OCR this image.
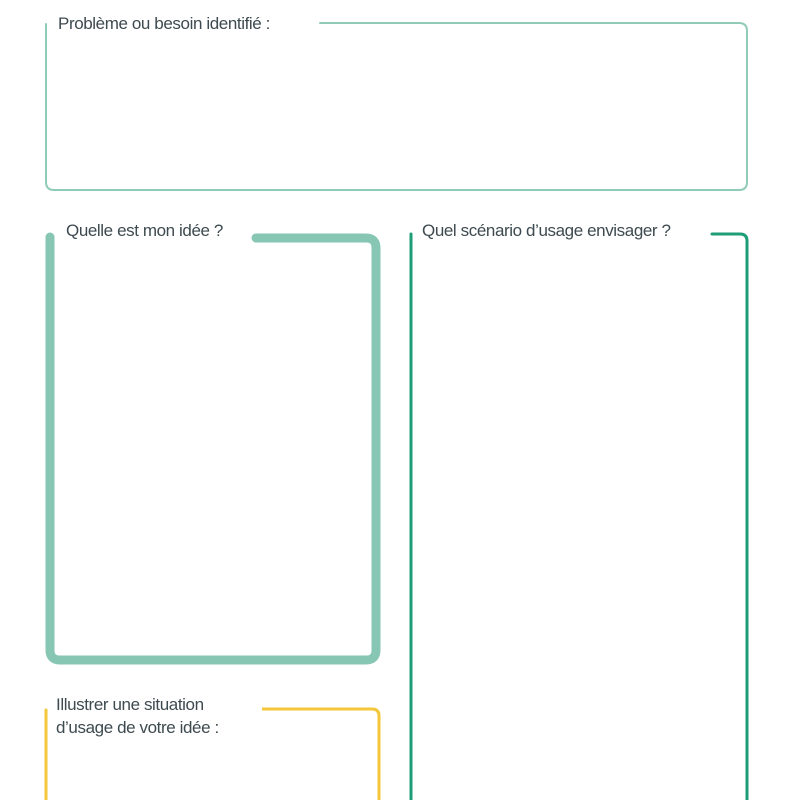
Problème ou besoin identifié :
Quelle est mon idée ?	Quel scénario d’usage envisager ?
Illustrer une situation
d’usage de votre idée :
